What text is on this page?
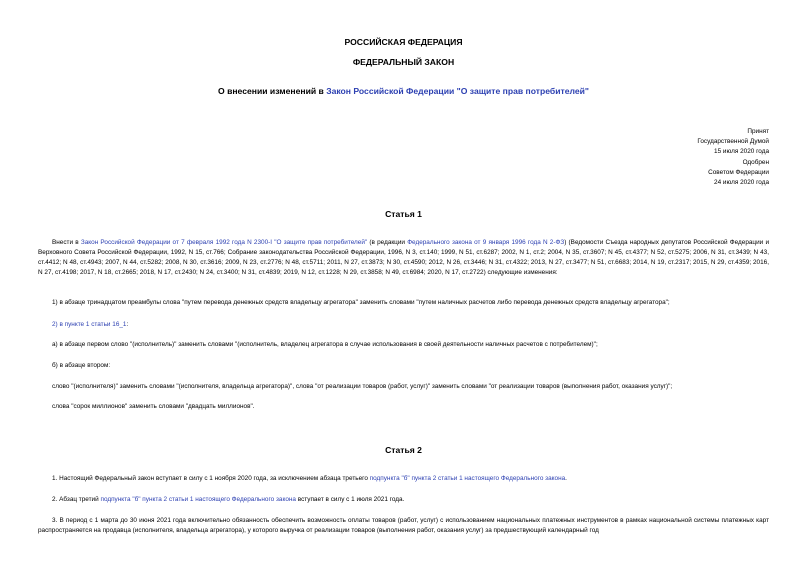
РОССИЙСКАЯ ФЕДЕРАЦИЯ
ФЕДЕРАЛЬНЫЙ ЗАКОН
О внесении изменений в Закон Российской Федерации "О защите прав потребителей"
Принят
Государственной Думой
15 июля 2020 года
Одобрен
Советом Федерации
24 июля 2020 года
Статья 1
Внести в Закон Российской Федерации от 7 февраля 1992 года N 2300-I "О защите прав потребителей" (в редакции Федерального закона от 9 января 1996 года N 2-ФЗ) (Ведомости Съезда народных депутатов Российской Федерации и Верховного Совета Российской Федерации, 1992, N 15, ст.766; Собрание законодательства Российской Федерации, 1996, N 3, ст.140; 1999, N 51, ст.6287; 2002, N 1, ст.2; 2004, N 35, ст.3607; N 45, ст.4377; N 52, ст.5275; 2006, N 31, ст.3439; N 43, ст.4412; N 48, ст.4943; 2007, N 44, ст.5282; 2008, N 30, ст.3616; 2009, N 23, ст.2776; N 48, ст.5711; 2011, N 27, ст.3873; N 30, ст.4590; 2012, N 26, ст.3446; N 31, ст.4322; 2013, N 27, ст.3477; N 51, ст.6683; 2014, N 19, ст.2317; 2015, N 29, ст.4359; 2016, N 27, ст.4198; 2017, N 18, ст.2665; 2018, N 17, ст.2430; N 24, ст.3400; N 31, ст.4839; 2019, N 12, ст.1228; N 29, ст.3858; N 49, ст.6984; 2020, N 17, ст.2722) следующие изменения:
1) в абзаце тринадцатом преамбулы слова "путем перевода денежных средств владельцу агрегатора" заменить словами "путем наличных расчетов либо перевода денежных средств владельцу агрегатора";
2) в пункте 1 статьи 16_1:
а) в абзаце первом слово "(исполнитель)" заменить словами "(исполнитель, владелец агрегатора в случае использования в своей деятельности наличных расчетов с потребителем)";
б) в абзаце втором:
слово "(исполнителя)" заменить словами "(исполнителя, владельца агрегатора)", слова "от реализации товаров (работ, услуг)" заменить словами "от реализации товаров (выполнения работ, оказания услуг)";
слова "сорок миллионов" заменить словами "двадцать миллионов".
Статья 2
1. Настоящий Федеральный закон вступает в силу с 1 ноября 2020 года, за исключением абзаца третьего подпункта "б" пункта 2 статьи 1 настоящего Федерального закона.
2. Абзац третий подпункта "б" пункта 2 статьи 1 настоящего Федерального закона вступает в силу с 1 июля 2021 года.
3. В период с 1 марта до 30 июня 2021 года включительно обязанность обеспечить возможность оплаты товаров (работ, услуг) с использованием национальных платежных инструментов в рамках национальной системы платежных карт распространяется на продавца (исполнителя, владельца агрегатора), у которого выручка от реализации товаров (выполнения работ, оказания услуг) за предшествующий календарный год
